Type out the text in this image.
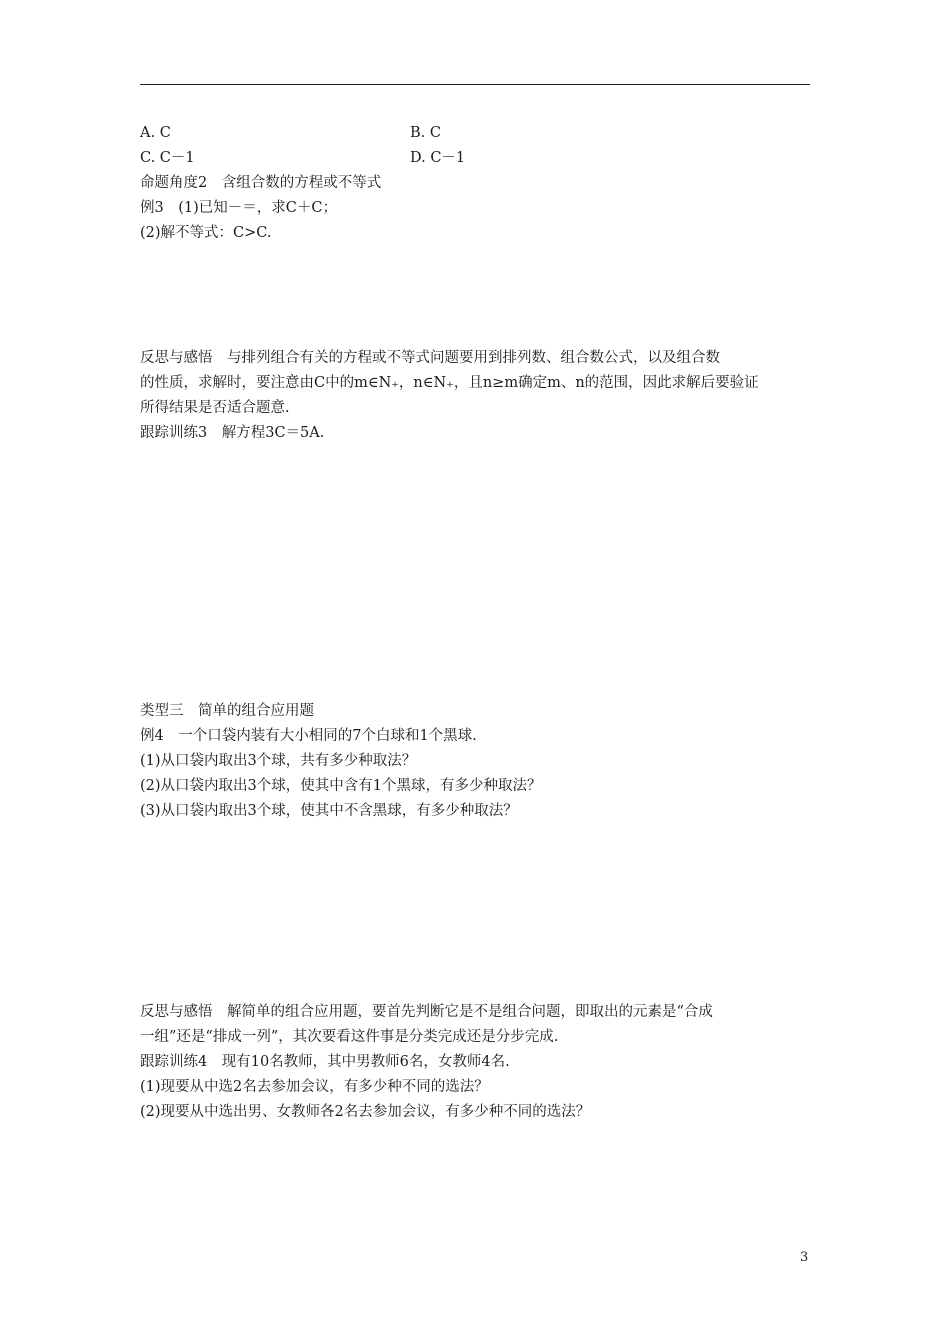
A. C	B. C
C. C－1	D. C－1
命题角度2　含组合数的方程或不等式
例3　(1)已知－＝，求C＋C；
(2)解不等式：C>C.
反思与感悟　与排列组合有关的方程或不等式问题要用到排列数、组合数公式，以及组合数
的性质，求解时，要注意由C中的m∈N₊，n∈N₊，且n≥m确定m、n的范围，因此求解后要验证
所得结果是否适合题意.
跟踪训练3　解方程3C＝5A.
类型三　简单的组合应用题
例4　一个口袋内装有大小相同的7个白球和1个黑球.
(1)从口袋内取出3个球，共有多少种取法？
(2)从口袋内取出3个球，使其中含有1个黑球，有多少种取法？
(3)从口袋内取出3个球，使其中不含黑球，有多少种取法？
反思与感悟　解简单的组合应用题，要首先判断它是不是组合问题，即取出的元素是“合成
一组”还是“排成一列”，其次要看这件事是分类完成还是分步完成.
跟踪训练4　现有10名教师，其中男教师6名，女教师4名.
(1)现要从中选2名去参加会议，有多少种不同的选法？
(2)现要从中选出男、女教师各2名去参加会议，有多少种不同的选法？
3
